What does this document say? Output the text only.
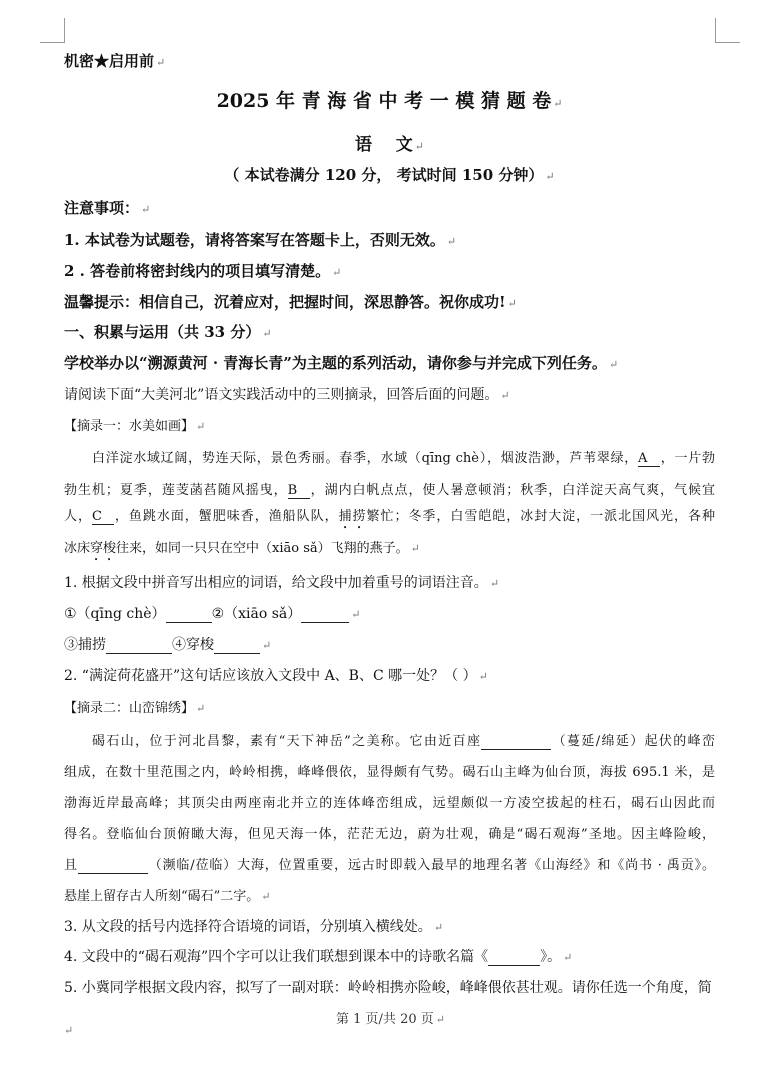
机密★启用前 ↵
2025 年 青 海 省 中 考 一 模 猜 题 卷 ↵
语    文 ↵
（ 本试卷满分 120 分， 考试时间 150 分钟） ↵
注意事项： ↵
1. 本试卷为试题卷，请将答案写在答题卡上，否则无效。 ↵
2 . 答卷前将密封线内的项目填写清楚。 ↵
温馨提示：相信自己，沉着应对，把握时间，深思静答。祝你成功! ↵
一、积累与运用（共 33 分） ↵
学校举办以“溯源黄河 · 青海长青”为主题的系列活动，请你参与并完成下列任务。 ↵
请阅读下面“大美河北”语文实践活动中的三则摘录，回答后面的问题。 ↵
【摘录一：水美如画】 ↵
白洋淀水域辽阔，势连天际，景色秀丽。春季，水域（qīng chè），烟波浩渺，芦苇翠绿，A ，一片勃
勃生机；夏季，莲芰菡萏随风摇曳，B ，湖内白帆点点，使人暑意顿消；秋季，白洋淀天高气爽，气候宜
人，C ，鱼跳水面，蟹肥味香，渔船队队，捕捞繁忙；冬季，白雪皑皑，冰封大淀，一派北国风光，各种
冰床穿梭往来，如同一只只在空中（xiāo sǎ）飞翔的燕子。 ↵
1. 根据文段中拼音写出相应的词语，给文段中加着重号的词语注音。 ↵
①（qīng chè）	②（xiāo sǎ）	↵
③捕捞	④穿梭	↵
2. “满淀荷花盛开”这句话应该放入文段中 A、B、C 哪一处？（ ） ↵
【摘录二：山峦锦绣】 ↵
碣石山，位于河北昌黎，素有“天下神岳”之美称。它由近百座	（蔓延/绵延）起伏的峰峦
组成，在数十里范围之内，岭岭相携，峰峰偎依，显得颇有气势。碣石山主峰为仙台顶，海拔 695.1 米，是
渤海近岸最高峰；其顶尖由两座南北并立的连体峰峦组成，远望颇似一方凌空拔起的柱石，碣石山因此而
得名。登临仙台顶俯瞰大海，但见天海一体，茫茫无边，蔚为壮观，确是“碣石观海”圣地。因主峰险峻，
且	（濒临/莅临）大海，位置重要，远古时即载入最早的地理名著《山海经》和《尚书 · 禹贡》。
悬崖上留存古人所刻“碣石”二字。 ↵
3. 从文段的括号内选择符合语境的词语，分别填入横线处。 ↵
4. 文段中的“碣石观海”四个字可以让我们联想到课本中的诗歌名篇《	》。 ↵
5. 小冀同学根据文段内容，拟写了一副对联：岭岭相携亦险峻，峰峰偎依甚壮观。请你任选一个角度，简
第 1 页/共 20 页 ↵
↵
